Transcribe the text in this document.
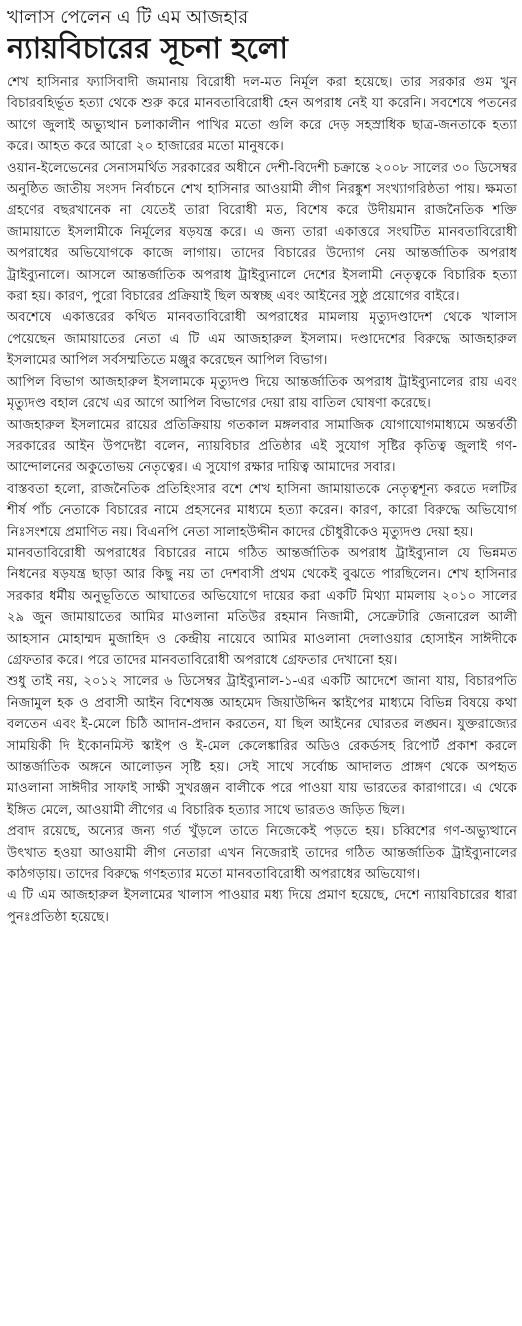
খালাস পেলেন এ টি এম আজহার
ন্যায়বিচারের সূচনা হলো

শেখ হাসিনার ফ্যাসিবাদী জমানায় বিরোধী দল-মত নির্মূল করা হয়েছে। তার সরকার গুম খুন বিচারবহির্ভূত হত্যা থেকে শুরু করে মানবতাবিরোধী হেন অপরাধ নেই যা করেনি। সবশেষে পতনের আগে জুলাই অভ্যুত্থান চলাকালীন পাখির মতো গুলি করে দেড় সহস্রাধিক ছাত্র-জনতাকে হত্যা করে। আহত করে আরো ২০ হাজারের মতো মানুষকে।

ওয়ান-ইলেভেনের সেনাসমর্থিত সরকারের অধীনে দেশী-বিদেশী চক্রান্তে ২০০৮ সালের ৩০ ডিসেম্বর অনুষ্ঠিত জাতীয় সংসদ নির্বাচনে শেখ হাসিনার আওয়ামী লীগ নিরঙ্কুশ সংখ্যাগরিষ্ঠতা পায়। ক্ষমতা গ্রহণের বছরখানেক না যেতেই তারা বিরোধী মত, বিশেষ করে উদীয়মান রাজনৈতিক শক্তি জামায়াতে ইসলামীকে নির্মূলের ষড়যন্ত্র করে। এ জন্য তারা একাত্তরে সংঘটিত মানবতাবিরোধী অপরাধের অভিযোগকে কাজে লাগায়। তাদের বিচারের উদ্যোগ নেয় আন্তর্জাতিক অপরাধ ট্রাইব্যুনালে। আসলে আন্তর্জাতিক অপরাধ ট্রাইব্যুনালে দেশের ইসলামী নেতৃত্বকে বিচারিক হত্যা করা হয়। কারণ, পুরো বিচারের প্রক্রিয়াই ছিল অস্বচ্ছ এবং আইনের সুষ্ঠু প্রয়োগের বাইরে।

অবশেষে একাত্তরের কথিত মানবতাবিরোধী অপরাধের মামলায় মৃত্যুদণ্ডাদেশ থেকে খালাস পেয়েছেন জামায়াতের নেতা এ টি এম আজহারুল ইসলাম। দণ্ডাদেশের বিরুদ্ধে আজহারুল ইসলামের আপিল সর্বসম্মতিতে মঞ্জুর করেছেন আপিল বিভাগ।

আপিল বিভাগ আজহারুল ইসলামকে মৃত্যুদণ্ড দিয়ে আন্তর্জাতিক অপরাধ ট্রাইব্যুনালের রায় এবং মৃত্যুদণ্ড বহাল রেখে এর আগে আপিল বিভাগের দেয়া রায় বাতিল ঘোষণা করেছে।

আজহারুল ইসলামের রায়ের প্রতিক্রিয়ায় গতকাল মঙ্গলবার সামাজিক যোগাযোগমাধ্যমে অন্তর্বর্তী সরকারের আইন উপদেষ্টা বলেন, ন্যায়বিচার প্রতিষ্ঠার এই সুযোগ সৃষ্টির কৃতিত্ব জুলাই গণ-আন্দোলনের অকুতোভয় নেতৃত্বের। এ সুযোগ রক্ষার দায়িত্ব আমাদের সবার।

বাস্তবতা হলো, রাজনৈতিক প্রতিহিংসার বশে শেখ হাসিনা জামায়াতকে নেতৃত্বশূন্য করতে দলটির শীর্ষ পাঁচ নেতাকে বিচারের নামে প্রহসনের মাধ্যমে হত্যা করেন। কারণ, কারো বিরুদ্ধে অভিযোগ নিঃসংশয়ে প্রমাণিত নয়। বিএনপি নেতা সালাহউদ্দীন কাদের চৌধুরীকেও মৃত্যুদণ্ড দেয়া হয়।

মানবতাবিরোধী অপরাধের বিচারের নামে গঠিত আন্তর্জাতিক অপরাধ ট্রাইব্যুনাল যে ভিন্নমত নিধনের ষড়যন্ত্র ছাড়া আর কিছু নয় তা দেশবাসী প্রথম থেকেই বুঝতে পারছিলেন। শেখ হাসিনার সরকার ধর্মীয় অনুভূতিতে আঘাতের অভিযোগে দায়ের করা একটি মিথ্যা মামলায় ২০১০ সালের ২৯ জুন জামায়াতের আমির মাওলানা মতিউর রহমান নিজামী, সেক্রেটারি জেনারেল আলী আহসান মোহাম্মদ মুজাহিদ ও কেন্দ্রীয় নায়েবে আমির মাওলানা দেলাওয়ার হোসাইন সাঈদীকে গ্রেফতার করে। পরে তাদের মানবতাবিরোধী অপরাধে গ্রেফতার দেখানো হয়।

শুধু তাই নয়, ২০১২ সালের ৬ ডিসেম্বর ট্রাইব্যুনাল-১-এর একটি আদেশে জানা যায়, বিচারপতি নিজামুল হক ও প্রবাসী আইন বিশেষজ্ঞ আহমেদ জিয়াউদ্দিন স্কাইপের মাধ্যমে বিভিন্ন বিষয়ে কথা বলতেন এবং ই-মেলে চিঠি আদান-প্রদান করতেন, যা ছিল আইনের ঘোরতর লঙ্ঘন। যুক্তরাজ্যের সাময়িকী দি ইকোনমিস্ট স্কাইপ ও ই-মেল কেলেঙ্কারির অডিও রেকর্ডসহ রিপোর্ট প্রকাশ করলে আন্তর্জাতিক অঙ্গনে আলোড়ন সৃষ্টি হয়। সেই সাথে সর্বোচ্চ আদালত প্রাঙ্গণ থেকে অপহৃত মাওলানা সাঈদীর সাফাই সাক্ষী সুখরঞ্জন বালীকে পরে পাওয়া যায় ভারতের কারাগারে। এ থেকে ইঙ্গিত মেলে, আওয়ামী লীগের এ বিচারিক হত্যার সাথে ভারতও জড়িত ছিল।

প্রবাদ রয়েছে, অন্যের জন্য গর্ত খুঁড়লে তাতে নিজেকেই পড়তে হয়। চব্বিশের গণ-অভ্যুত্থানে উৎখাত হওয়া আওয়ামী লীগ নেতারা এখন নিজেরাই তাদের গঠিত আন্তর্জাতিক ট্রাইব্যুনালের কাঠগড়ায়। তাদের বিরুদ্ধে গণহত্যার মতো মানবতাবিরোধী অপরাধের অভিযোগ।

এ টি এম আজহারুল ইসলামের খালাস পাওয়ার মধ্য দিয়ে প্রমাণ হয়েছে, দেশে ন্যায়বিচারের ধারা পুনঃপ্রতিষ্ঠা হয়েছে।
